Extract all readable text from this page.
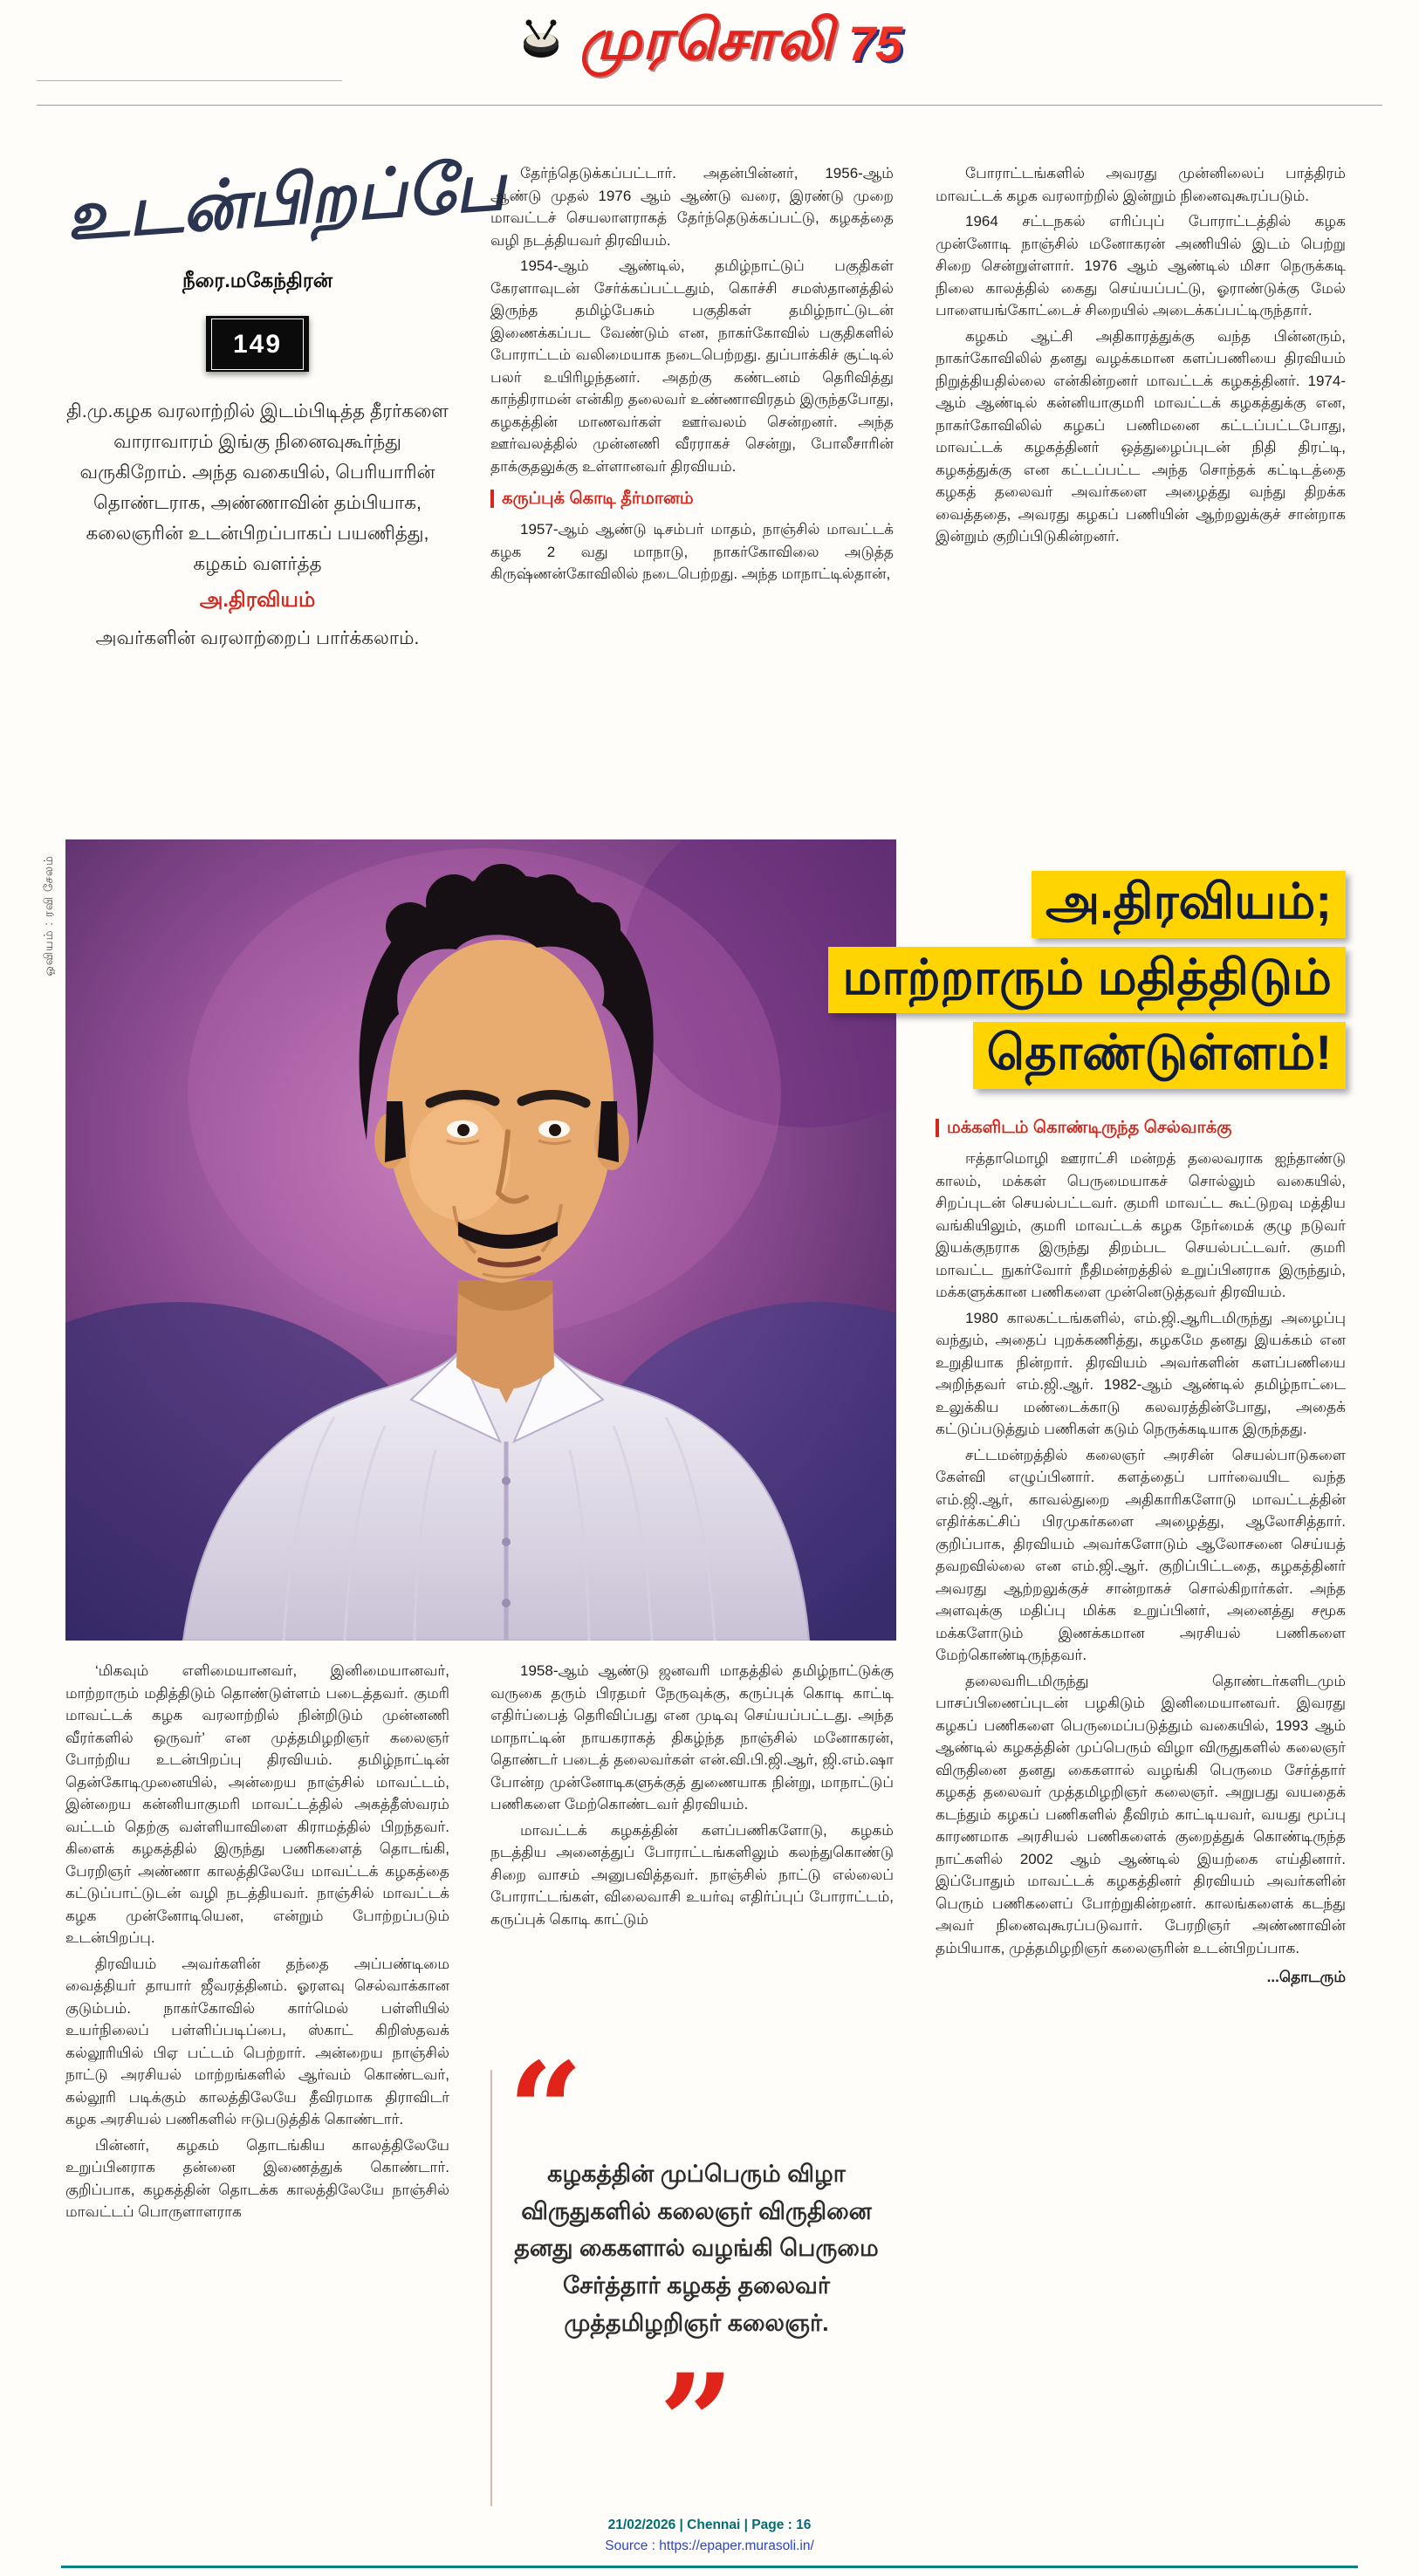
முரசொலி 75
உடன்பிறப்பே
நீரை.மகேந்திரன்
149
தி.மு.கழக வரலாற்றில் இடம்பிடித்த தீரர்களை வாராவாரம் இங்கு நினைவுகூர்ந்து வருகிறோம். அந்த வகையில், பெரியாரின் தொண்டராக, அண்ணாவின் தம்பியாக, கலைஞரின் உடன்பிறப்பாகப் பயணித்து, கழகம் வளர்த்த
அ.திரவியம்
அவர்களின் வரலாற்றைப் பார்க்கலாம்.

தேர்ந்தெடுக்கப்பட்டார். அதன்பின்னர், 1956-ஆம் ஆண்டு முதல் 1976 ஆம் ஆண்டு வரை, இரண்டு முறை மாவட்டச் செயலாளராகத் தேர்ந்தெடுக்கப்பட்டு, கழகத்தை வழி நடத்தியவர் திரவியம்.

1954-ஆம் ஆண்டில், தமிழ்நாட்டுப் பகுதிகள் கேரளாவுடன் சேர்க்கப்பட்டதும், கொச்சி சமஸ்தானத்தில் இருந்த தமிழ்பேசும் பகுதிகள் தமிழ்நாட்டுடன் இணைக்கப்பட வேண்டும் என, நாகர்கோவில் பகுதிகளில் போராட்டம் வலிமையாக நடைபெற்றது. துப்பாக்கிச் சூட்டில் பலர் உயிரிழந்தனர். அதற்கு கண்டனம் தெரிவித்து காந்திராமன் என்கிற தலைவர் உண்ணாவிரதம் இருந்தபோது, கழகத்தின் மாணவர்கள் ஊர்வலம் சென்றனர். அந்த ஊர்வலத்தில் முன்னணி வீரராகச் சென்று, போலீசாரின் தாக்குதலுக்கு உள்ளானவர் திரவியம்.

கருப்புக் கொடி தீர்மானம்

1957-ஆம் ஆண்டு டிசம்பர் மாதம், நாஞ்சில் மாவட்டக் கழக 2 வது மாநாடு, நாகர்கோவிலை அடுத்த கிருஷ்ணன்கோவிலில் நடைபெற்றது. அந்த மாநாட்டில்தான்,

போராட்டங்களில் அவரது முன்னிலைப் பாத்திரம் மாவட்டக் கழக வரலாற்றில் இன்றும் நினைவுகூரப்படும்.

1964 சட்டநகல் எரிப்புப் போராட்டத்தில் கழக முன்னோடி நாஞ்சில் மனோகரன் அணியில் இடம் பெற்று சிறை சென்றுள்ளார். 1976 ஆம் ஆண்டில் மிசா நெருக்கடி நிலை காலத்தில் கைது செய்யப்பட்டு, ஓராண்டுக்கு மேல் பாளையங்கோட்டைச் சிறையில் அடைக்கப்பட்டிருந்தார்.

கழகம் ஆட்சி அதிகாரத்துக்கு வந்த பின்னரும், நாகர்கோவிலில் தனது வழக்கமான களப்பணியை திரவியம் நிறுத்தியதில்லை என்கின்றனர் மாவட்டக் கழகத்தினர். 1974-ஆம் ஆண்டில் கன்னியாகுமரி மாவட்டக் கழகத்துக்கு என, நாகர்கோவிலில் கழகப் பணிமனை கட்டப்பட்டபோது, மாவட்டக் கழகத்தினர் ஒத்துழைப்புடன் நிதி திரட்டி, கழகத்துக்கு என கட்டப்பட்ட அந்த சொந்தக் கட்டிடத்தை கழகத் தலைவர் அவர்களை அழைத்து வந்து திறக்க வைத்ததை, அவரது கழகப் பணியின் ஆற்றலுக்குச் சான்றாக இன்றும் குறிப்பிடுகின்றனர்.

ஓவியம் : ரவி சேலம்	அ.திரவியம்;
மாற்றாரும் மதித்திடும்
தொண்டுள்ளம்!
மக்களிடம் கொண்டிருந்த செல்வாக்கு

ஈத்தாமொழி ஊராட்சி மன்றத் தலைவராக ஐந்தாண்டு காலம், மக்கள் பெருமையாகச் சொல்லும் வகையில், சிறப்புடன் செயல்பட்டவர். குமரி மாவட்ட கூட்டுறவு மத்திய வங்கியிலும், குமரி மாவட்டக் கழக நேர்மைக் குழு நடுவர் இயக்குநராக இருந்து திறம்பட செயல்பட்டவர். குமரி மாவட்ட நுகர்வோர் நீதிமன்றத்தில் உறுப்பினராக இருந்தும், மக்களுக்கான பணிகளை முன்னெடுத்தவர் திரவியம்.

1980 காலகட்டங்களில், எம்.ஜி.ஆரிடமிருந்து அழைப்பு வந்தும், அதைப் புறக்கணித்து, கழகமே தனது இயக்கம் என உறுதியாக நின்றார். திரவியம் அவர்களின் களப்பணியை அறிந்தவர் எம்.ஜி.ஆர். 1982-ஆம் ஆண்டில் தமிழ்நாட்டை உலுக்கிய மண்டைக்காடு கலவரத்தின்போது, அதைக் கட்டுப்படுத்தும் பணிகள் கடும் நெருக்கடியாக இருந்தது.

சட்டமன்றத்தில் கலைஞர் அரசின் செயல்பாடுகளை கேள்வி எழுப்பினார். களத்தைப் பார்வையிட வந்த எம்.ஜி.ஆர், காவல்துறை அதிகாரிகளோடு மாவட்டத்தின் எதிர்க்கட்சிப் பிரமுகர்களை அழைத்து, ஆலோசித்தார். குறிப்பாக, திரவியம் அவர்களோடும் ஆலோசனை செய்யத் தவறவில்லை என எம்.ஜி.ஆர். குறிப்பிட்டதை, கழகத்தினர் அவரது ஆற்றலுக்குச் சான்றாகச் சொல்கிறார்கள். அந்த அளவுக்கு மதிப்பு மிக்க உறுப்பினர், அனைத்து சமூக மக்களோடும் இணக்கமான அரசியல் பணிகளை மேற்கொண்டிருந்தவர்.

தலைவரிடமிருந்து தொண்டர்களிடமும் பாசப்பிணைப்புடன் பழகிடும் இனிமையானவர். இவரது கழகப் பணிகளை பெருமைப்படுத்தும் வகையில், 1993 ஆம் ஆண்டில் கழகத்தின் முப்பெரும் விழா விருதுகளில் கலைஞர் விருதினை தனது கைகளால் வழங்கி பெருமை சேர்த்தார் கழகத் தலைவர் முத்தமிழறிஞர் கலைஞர். அறுபது வயதைக் கடந்தும் கழகப் பணிகளில் தீவிரம் காட்டியவர், வயது மூப்பு காரணமாக அரசியல் பணிகளைக் குறைத்துக் கொண்டிருந்த நாட்களில் 2002 ஆம் ஆண்டில் இயற்கை எய்தினார். இப்போதும் மாவட்டக் கழகத்தினர் திரவியம் அவர்களின் பெரும் பணிகளைப் போற்றுகின்றனர். காலங்களைக் கடந்து அவர் நினைவுகூரப்படுவார். பேரறிஞர் அண்ணாவின் தம்பியாக, முத்தமிழறிஞர் கலைஞரின் உடன்பிறப்பாக.

...தொடரும்

‘மிகவும் எளிமையானவர், இனிமையானவர், மாற்றாரும் மதித்திடும் தொண்டுள்ளம் படைத்தவர். குமரி மாவட்டக் கழக வரலாற்றில் நின்றிடும் முன்னணி வீரர்களில் ஒருவர்’ என முத்தமிழறிஞர் கலைஞர் போற்றிய உடன்பிறப்பு திரவியம். தமிழ்நாட்டின் தென்கோடிமுனையில், அன்றைய நாஞ்சில் மாவட்டம், இன்றைய கன்னியாகுமரி மாவட்டத்தில் அகத்தீஸ்வரம் வட்டம் தெற்கு வள்ளியாவிளை கிராமத்தில் பிறந்தவர். கிளைக் கழகத்தில் இருந்து பணிகளைத் தொடங்கி, பேரறிஞர் அண்ணா காலத்திலேயே மாவட்டக் கழகத்தை கட்டுப்பாட்டுடன் வழி நடத்தியவர். நாஞ்சில் மாவட்டக் கழக முன்னோடியென, என்றும் போற்றப்படும் உடன்பிறப்பு.

திரவியம் அவர்களின் தந்தை அப்பண்டிமை வைத்தியர் தாயார் ஜீவரத்தினம். ஓரளவு செல்வாக்கான குடும்பம். நாகர்கோவில் கார்மெல் பள்ளியில் உயர்நிலைப் பள்ளிப்படிப்பை, ஸ்காட் கிறிஸ்தவக் கல்லூரியில் பிஏ பட்டம் பெற்றார். அன்றைய நாஞ்சில் நாட்டு அரசியல் மாற்றங்களில் ஆர்வம் கொண்டவர், கல்லூரி படிக்கும் காலத்திலேயே தீவிரமாக திராவிடர் கழக அரசியல் பணிகளில் ஈடுபடுத்திக் கொண்டார்.

பின்னர், கழகம் தொடங்கிய காலத்திலேயே உறுப்பினராக தன்னை இணைத்துக் கொண்டார். குறிப்பாக, கழகத்தின் தொடக்க காலத்திலேயே நாஞ்சில் மாவட்டப் பொருளாளராக

1958-ஆம் ஆண்டு ஜனவரி மாதத்தில் தமிழ்நாட்டுக்கு வருகை தரும் பிரதமர் நேருவுக்கு, கருப்புக் கொடி காட்டி எதிர்ப்பைத் தெரிவிப்பது என முடிவு செய்யப்பட்டது. அந்த மாநாட்டின் நாயகராகத் திகழ்ந்த நாஞ்சில் மனோகரன், தொண்டர் படைத் தலைவர்கள் என்.வி.பி.ஜி.ஆர், ஜி.எம்.ஷா போன்ற முன்னோடிகளுக்குத் துணையாக நின்று, மாநாட்டுப் பணிகளை மேற்கொண்டவர் திரவியம்.

மாவட்டக் கழகத்தின் களப்பணிகளோடு, கழகம் நடத்திய அனைத்துப் போராட்டங்களிலும் கலந்துகொண்டு சிறை வாசம் அனுபவித்தவர். நாஞ்சில் நாட்டு எல்லைப் போராட்டங்கள், விலைவாசி உயர்வு எதிர்ப்புப் போராட்டம், கருப்புக் கொடி காட்டும்

“
கழகத்தின் முப்பெரும் விழா விருதுகளில் கலைஞர் விருதினை தனது கைகளால் வழங்கி பெருமை சேர்த்தார் கழகத் தலைவர் முத்தமிழறிஞர் கலைஞர்.
”
21/02/2026 | Chennai | Page : 16
Source : https://epaper.murasoli.in/
